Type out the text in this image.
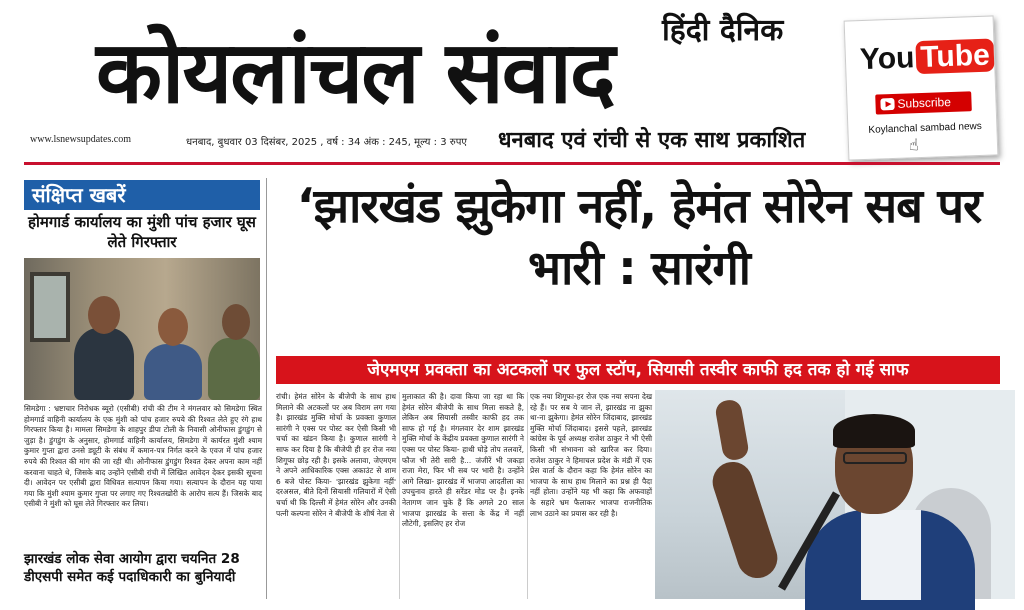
हिंदी दैनिक
कोयलांचल संवाद
www.lsnewsupdates.com	धनबाद, बुधवार 03 दिसंबर, 2025 , वर्ष : 34 अंक : 245, मूल्य : 3 रुपए धनबाद एवं रांची से एक साथ प्रकाशित
You Tube
Subscribe
Koylanchal sambad news
☝
संक्षिप्त खबरें
होमगार्ड कार्यालय का मुंशी पांच हजार घूस लेते गिरफ्तार
सिमडेगा : भ्रष्टाचार निरोधक ब्यूरो (एसीबी) रांची की टीम ने मंगलवार को सिमडेगा स्थित होमगार्ड वाहिनी कार्यालय के एक मुंशी को पांच हजार रुपये की रिश्वत लेते हुए रंगे हाथ गिरफ्तार किया है। मामला सिमडेगा के शाहपुर डीपा टोली के निवासी ओनीफास डुंगडुंग से जुड़ा है। डुंगडुंग के अनुसार, होमगार्ड वाहिनी कार्यालय, सिमडेगा में कार्यरत मुंशी श्याम कुमार गुप्ता द्वारा उनसे ड्यूटी के संबंध में कमान-पत्र निर्गत करने के एवज में पांच हजार रुपये की रिश्वत की मांग की जा रही थी। ओनीफास डुंगडुंग रिश्वत देकर अपना काम नहीं करवाना चाहते थे, जिसके बाद उन्होंने एसीबी रांची में लिखित आवेदन देकर इसकी सूचना दी। आवेदन पर एसीबी द्वारा विधिवत सत्यापन किया गया। सत्यापन के दौरान यह पाया गया कि मुंशी श्याम कुमार गुप्ता पर लगाए गए रिश्वतखोरी के आरोप सत्य हैं। जिसके बाद एसीबी ने मुंशी को घूस लेते गिरफ्तार कर लिया।
झारखंड लोक सेवा आयोग द्वारा चयनित 28 डीएसपी समेत कई पदाधिकारी का बुनियादी
‘झारखंड झुकेगा नहीं, हेमंत सोरेन सब पर भारी : सारंगी
जेएमएम प्रवक्ता का अटकलों पर फुल स्टॉप, सियासी तस्वीर काफी हद तक हो गई साफ
रांची। हेमंत सोरेन के बीजेपी के साथ हाथ मिलाने की अटकलों पर अब विराम लग गया है। झारखंड मुक्ति मोर्चा के प्रवक्ता कुणाल सारंगी ने एक्स पर पोस्ट कर ऐसी किसी भी चर्चा का खंडन किया है। कुणाल सारंगी ने साफ कर दिया है कि बीजेपी ही हर रोज नया शिगूफा छोड़ रही है। इसके अलावा, जेएमएम ने अपने आधिकारिक एक्स अकाउंट से शाम 6 बजे पोस्ट किया- 'झारखंड झुकेगा नहीं' दरअसल, बीते दिनों सियासी गलियारों में ऐसी चर्चा थी कि दिल्ली में हेमंत सोरेन और उनकी पत्नी कल्पना सोरेन ने बीजेपी के शीर्ष नेता से
मुलाकात की है। दावा किया जा रहा था कि हेमंत सोरेन बीजेपी के साथ मिला सकते है, लेकिन अब सियासी तस्वीर काफी हद तक साफ हो गई है। मंगलवार देर शाम झारखंड मुक्ति मोर्चा के केंद्रीय प्रवक्ता कुणाल सारंगी ने एक्स पर पोस्ट किया- हाथी घोड़े तोप तलवारें, फौज भी तेरी सारी है... जंजीरें भी जकड़ा राजा मेरा, फिर भी सब पर भारी है। उन्होंने आगे लिखा- झारखंड में भाजपा आदतीला का उपचुनाव हारते ही सरेंडर मोड पर है। इनके नेतागण जान चुके हैं कि अगले 20 साल भाजपा झारखंड के सत्ता के केंद्र में नहीं लौटेगी, इसलिए हर रोज
एक नया शिगूफा-हर रोज एक नया सपना देख रहे हैं। पर सब ये जान लें, झारखंड ना झुका था-ना झुकेगा। हेमंत सोरेन जिंदाबाद, झारखंड मुक्ति मोर्चा जिंदाबाद। इससे पहले, झारखंड कांग्रेस के पूर्व अध्यक्ष राजेश ठाकुर ने भी ऐसी किसी भी संभावना को खारिज कर दिया। राजेश ठाकुर ने हिमाचल प्रदेश के मंडी में एक प्रेस वार्ता के दौरान कहा कि हेमंत सोरेन का भाजपा के साथ हाथ मिलाने का प्रश्न ही पैदा नहीं होता। उन्होंने यह भी कहा कि अफवाहों के सहारे भ्रम फैलाकर भाजपा राजनीतिक लाभ उठाने का प्रयास कर रही है।
